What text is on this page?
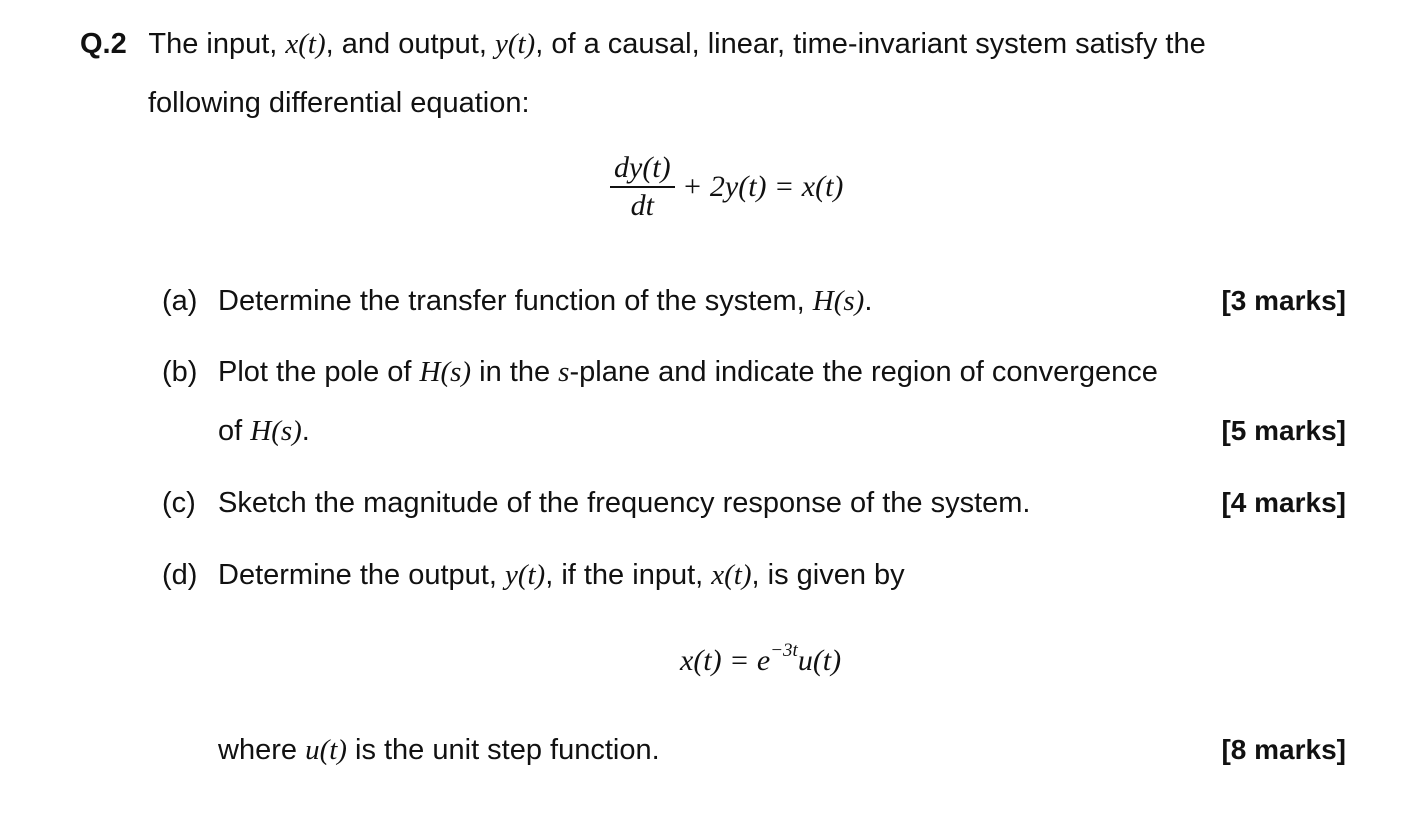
Q.2 The input, x(t), and output, y(t), of a causal, linear, time-invariant system satisfy the
following differential equation:
$\frac{dy(t)}{dt} + 2y(t) = x(t)$
(a) Determine the transfer function of the system, H(s).	[3 marks]
(b) Plot the pole of H(s) in the s-plane and indicate the region of convergence
of H(s).	[5 marks]
(c) Sketch the magnitude of the frequency response of the system.	[4 marks]
(d) Determine the output, y(t), if the input, x(t), is given by
$x(t) = e^{-3t}u(t)$
where u(t) is the unit step function.	[8 marks]
